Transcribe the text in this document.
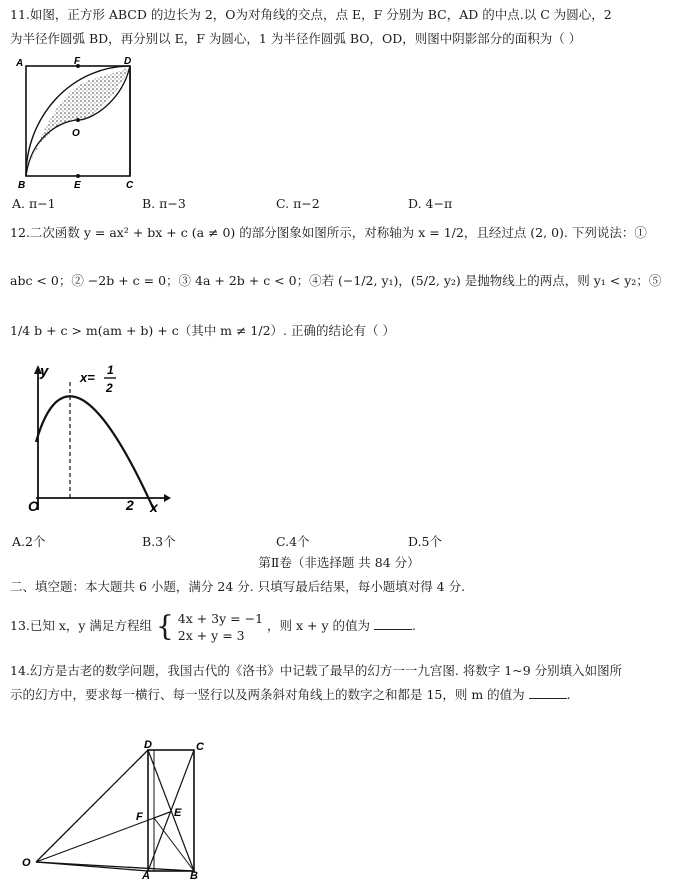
11.如图，正方形 ABCD 的边长为 2，O为对角线的交点，点 E，F 分别为 BC，AD 的中点.以 C 为圆心，2
为半径作圆弧 BD，再分别以 E，F 为圆心，1 为半径作圆弧 BO，OD，则图中阴影部分的面积为（ ）
A	F	D
O
B	E	C
A. π−1	B. π−3	C. π−2	D. 4−π
12.二次函数 y = ax² + bx + c (a ≠ 0) 的部分图象如图所示，对称轴为 x = 1/2，且经过点 (2, 0). 下列说法：①
abc < 0；② −2b + c = 0；③ 4a + 2b + c < 0；④若 (−1/2, y₁)，(5/2, y₂) 是抛物线上的两点，则 y₁ < y₂；⑤
1/4 b + c > m(am + b) + c（其中 m ≠ 1/2）. 正确的结论有（ ）
y x= 1
2
O	2 x
A.2个	B.3个	C.4个	D.5个
第Ⅱ卷（非选择题 共 84 分）
二、填空题：本大题共 6 小题，满分 24 分. 只填写最后结果，每小题填对得 4 分.
13.已知 x，y 满足方程组 { 4x + 3y = −1
2x + y = 3 ，则 x + y 的值为	.
14.幻方是古老的数学问题，我国古代的《洛书》中记载了最早的幻方一一九宫图. 将数字 1~9 分别填入如图所
示的幻方中，要求每一横行、每一竖行以及两条斜对角线上的数字之和都是 15，则 m 的值为	.
D	C
F	E
O
A	B
